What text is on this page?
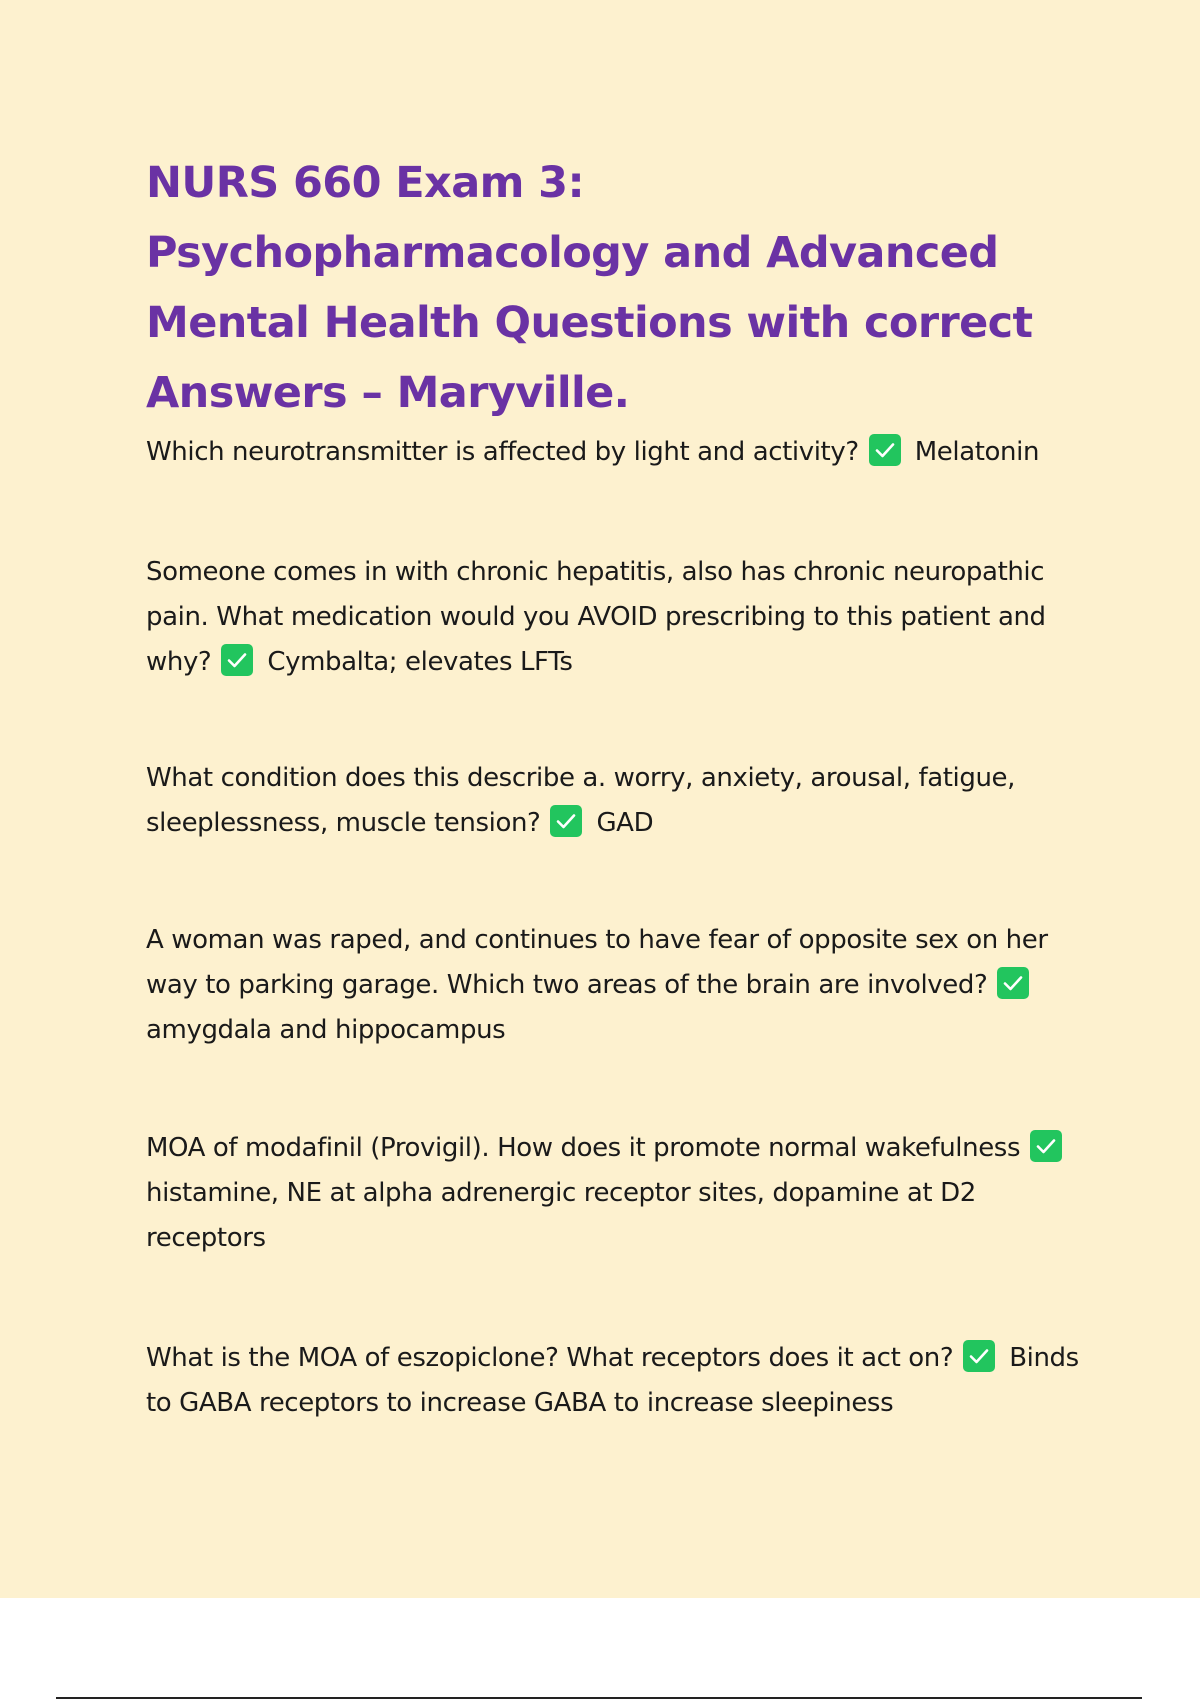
NURS 660 Exam 3: Psychopharmacology and Advanced Mental Health Questions with correct Answers – Maryville.

Which neurotransmitter is affected by light and activity? Melatonin

Someone comes in with chronic hepatitis, also has chronic neuropathic pain. What medication would you AVOID prescribing to this patient and why? Cymbalta; elevates LFTs

What condition does this describe a. worry, anxiety, arousal, fatigue, sleeplessness, muscle tension? GAD

A woman was raped, and continues to have fear of opposite sex on her way to parking garage. Which two areas of the brain are involved?
amygdala and hippocampus

MOA of modafinil (Provigil). How does it promote normal wakefulness
histamine, NE at alpha adrenergic receptor sites, dopamine at D2 receptors

What is the MOA of eszopiclone? What receptors does it act on? Binds to GABA receptors to increase GABA to increase sleepiness
